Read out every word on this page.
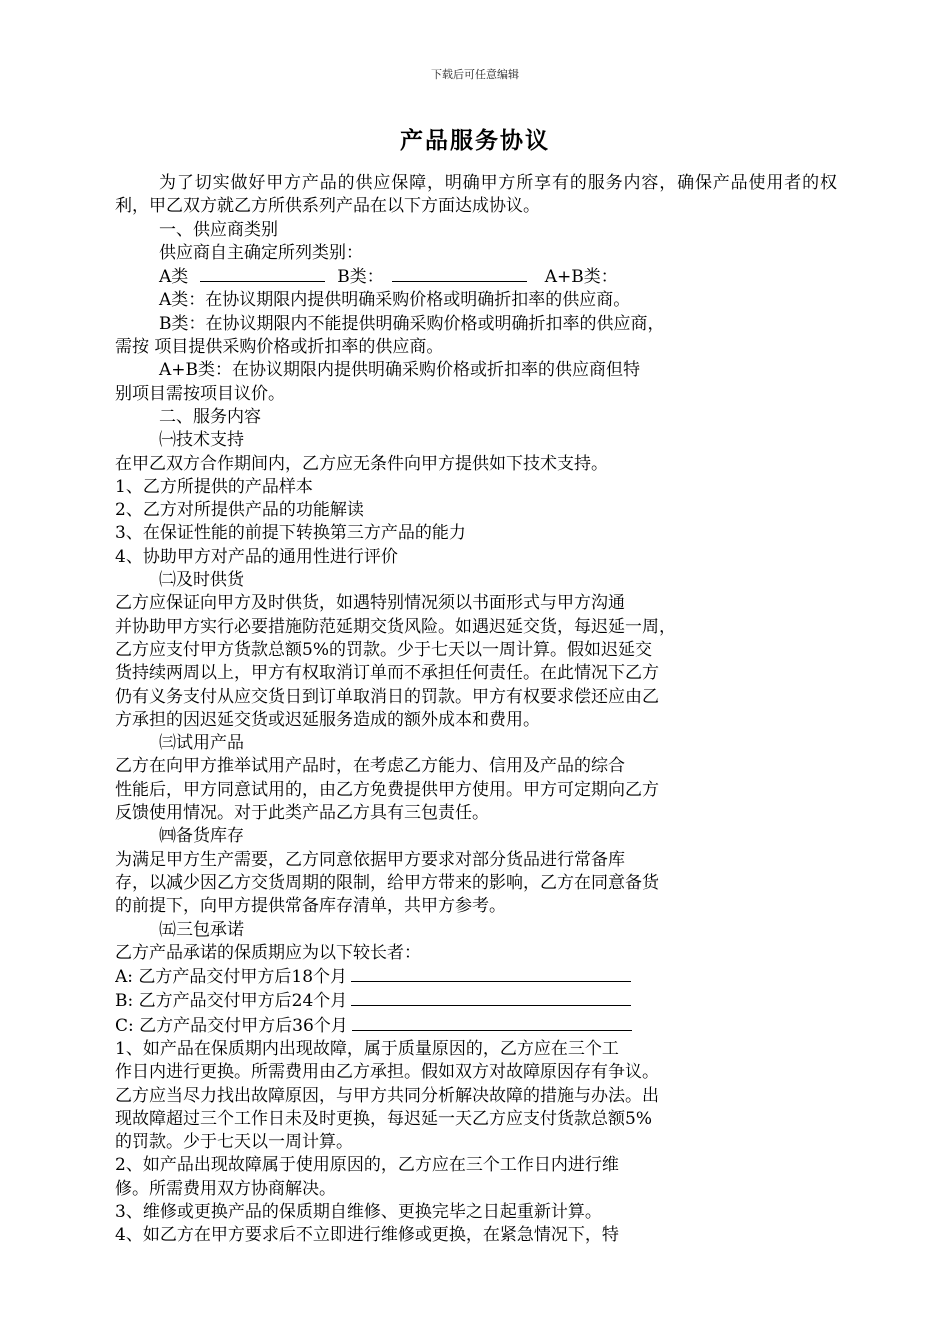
下载后可任意编辑
产品服务协议

为了切实做好甲方产品的供应保障，明确甲方所享有的服务内容，确保产品使用者的权利，甲乙双方就乙方所供系列产品在以下方面达成协议。

一、供应商类别

供应商自主确定所列类别：

A类	B类：	A+B类：

A类：在协议期限内提供明确采购价格或明确折扣率的供应商。

B类：在协议期限内不能提供明确采购价格或明确折扣率的供应商，

需按 项目提供采购价格或折扣率的供应商。

A+B类：在协议期限内提供明确采购价格或折扣率的供应商但特

别项目需按项目议价。

二、服务内容

㈠技术支持

在甲乙双方合作期间内，乙方应无条件向甲方提供如下技术支持。

1、乙方所提供的产品样本

2、乙方对所提供产品的功能解读

3、在保证性能的前提下转换第三方产品的能力

4、协助甲方对产品的通用性进行评价

㈡及时供货

乙方应保证向甲方及时供货，如遇特别情况须以书面形式与甲方沟通

并协助甲方实行必要措施防范延期交货风险。如遇迟延交货，每迟延一周，

乙方应支付甲方货款总额5%的罚款。少于七天以一周计算。假如迟延交

货持续两周以上，甲方有权取消订单而不承担任何责任。在此情况下乙方

仍有义务支付从应交货日到订单取消日的罚款。甲方有权要求偿还应由乙

方承担的因迟延交货或迟延服务造成的额外成本和费用。

㈢试用产品

乙方在向甲方推举试用产品时，在考虑乙方能力、信用及产品的综合

性能后，甲方同意试用的，由乙方免费提供甲方使用。甲方可定期向乙方

反馈使用情况。对于此类产品乙方具有三包责任。

㈣备货库存

为满足甲方生产需要，乙方同意依据甲方要求对部分货品进行常备库

存，以减少因乙方交货周期的限制，给甲方带来的影响，乙方在同意备货

的前提下，向甲方提供常备库存清单，共甲方参考。

㈤三包承诺

乙方产品承诺的保质期应为以下较长者：

A: 乙方产品交付甲方后18个月

B: 乙方产品交付甲方后24个月

C: 乙方产品交付甲方后36个月

1、如产品在保质期内出现故障，属于质量原因的，乙方应在三个工

作日内进行更换。所需费用由乙方承担。假如双方对故障原因存有争议。

乙方应当尽力找出故障原因，与甲方共同分析解决故障的措施与办法。出

现故障超过三个工作日未及时更换，每迟延一天乙方应支付货款总额5%

的罚款。少于七天以一周计算。

2、如产品出现故障属于使用原因的，乙方应在三个工作日内进行维

修。所需费用双方协商解决。

3、维修或更换产品的保质期自维修、更换完毕之日起重新计算。

4、如乙方在甲方要求后不立即进行维修或更换，在紧急情况下，特
